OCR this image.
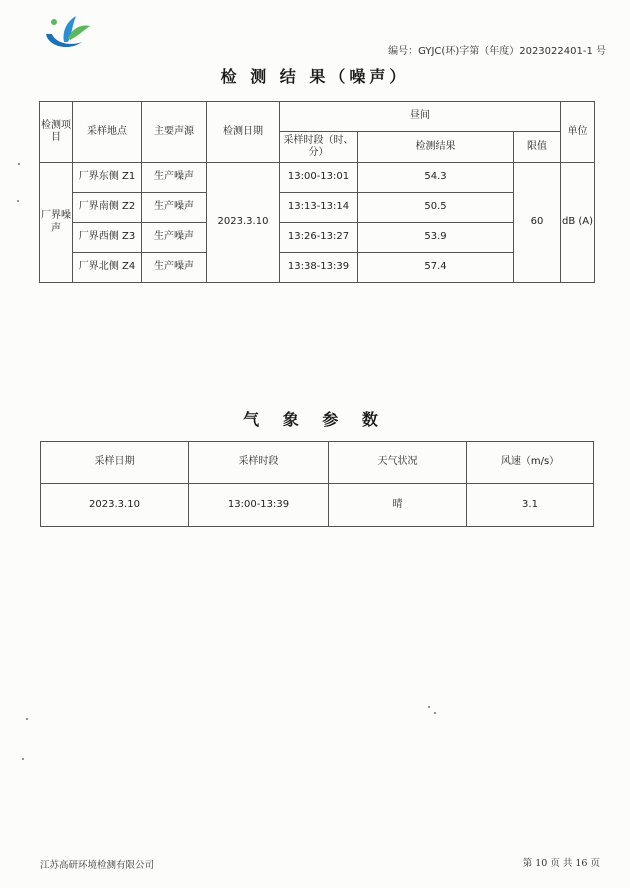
编号：GYJC(环)字第（年度）2023022401-1 号
检 测 结 果（噪声）
检测项目	采样地点	主要声源	检测日期	昼间			单位
				采样时段（时、分）	检测结果	限值	
厂界噪声	厂界东侧 Z1	生产噪声	2023.3.10	13:00-13:01	54.3	60	dB (A)
	厂界南侧 Z2	生产噪声		13:13-13:14	50.5		
	厂界西侧 Z3	生产噪声		13:26-13:27	53.9		
	厂界北侧 Z4	生产噪声		13:38-13:39	57.4		
气 象 参 数
采样日期	采样时段	天气状况	风速（m/s）
2023.3.10	13:00-13:39	晴	3.1
江苏高研环境检测有限公司	第 10 页 共 16 页
